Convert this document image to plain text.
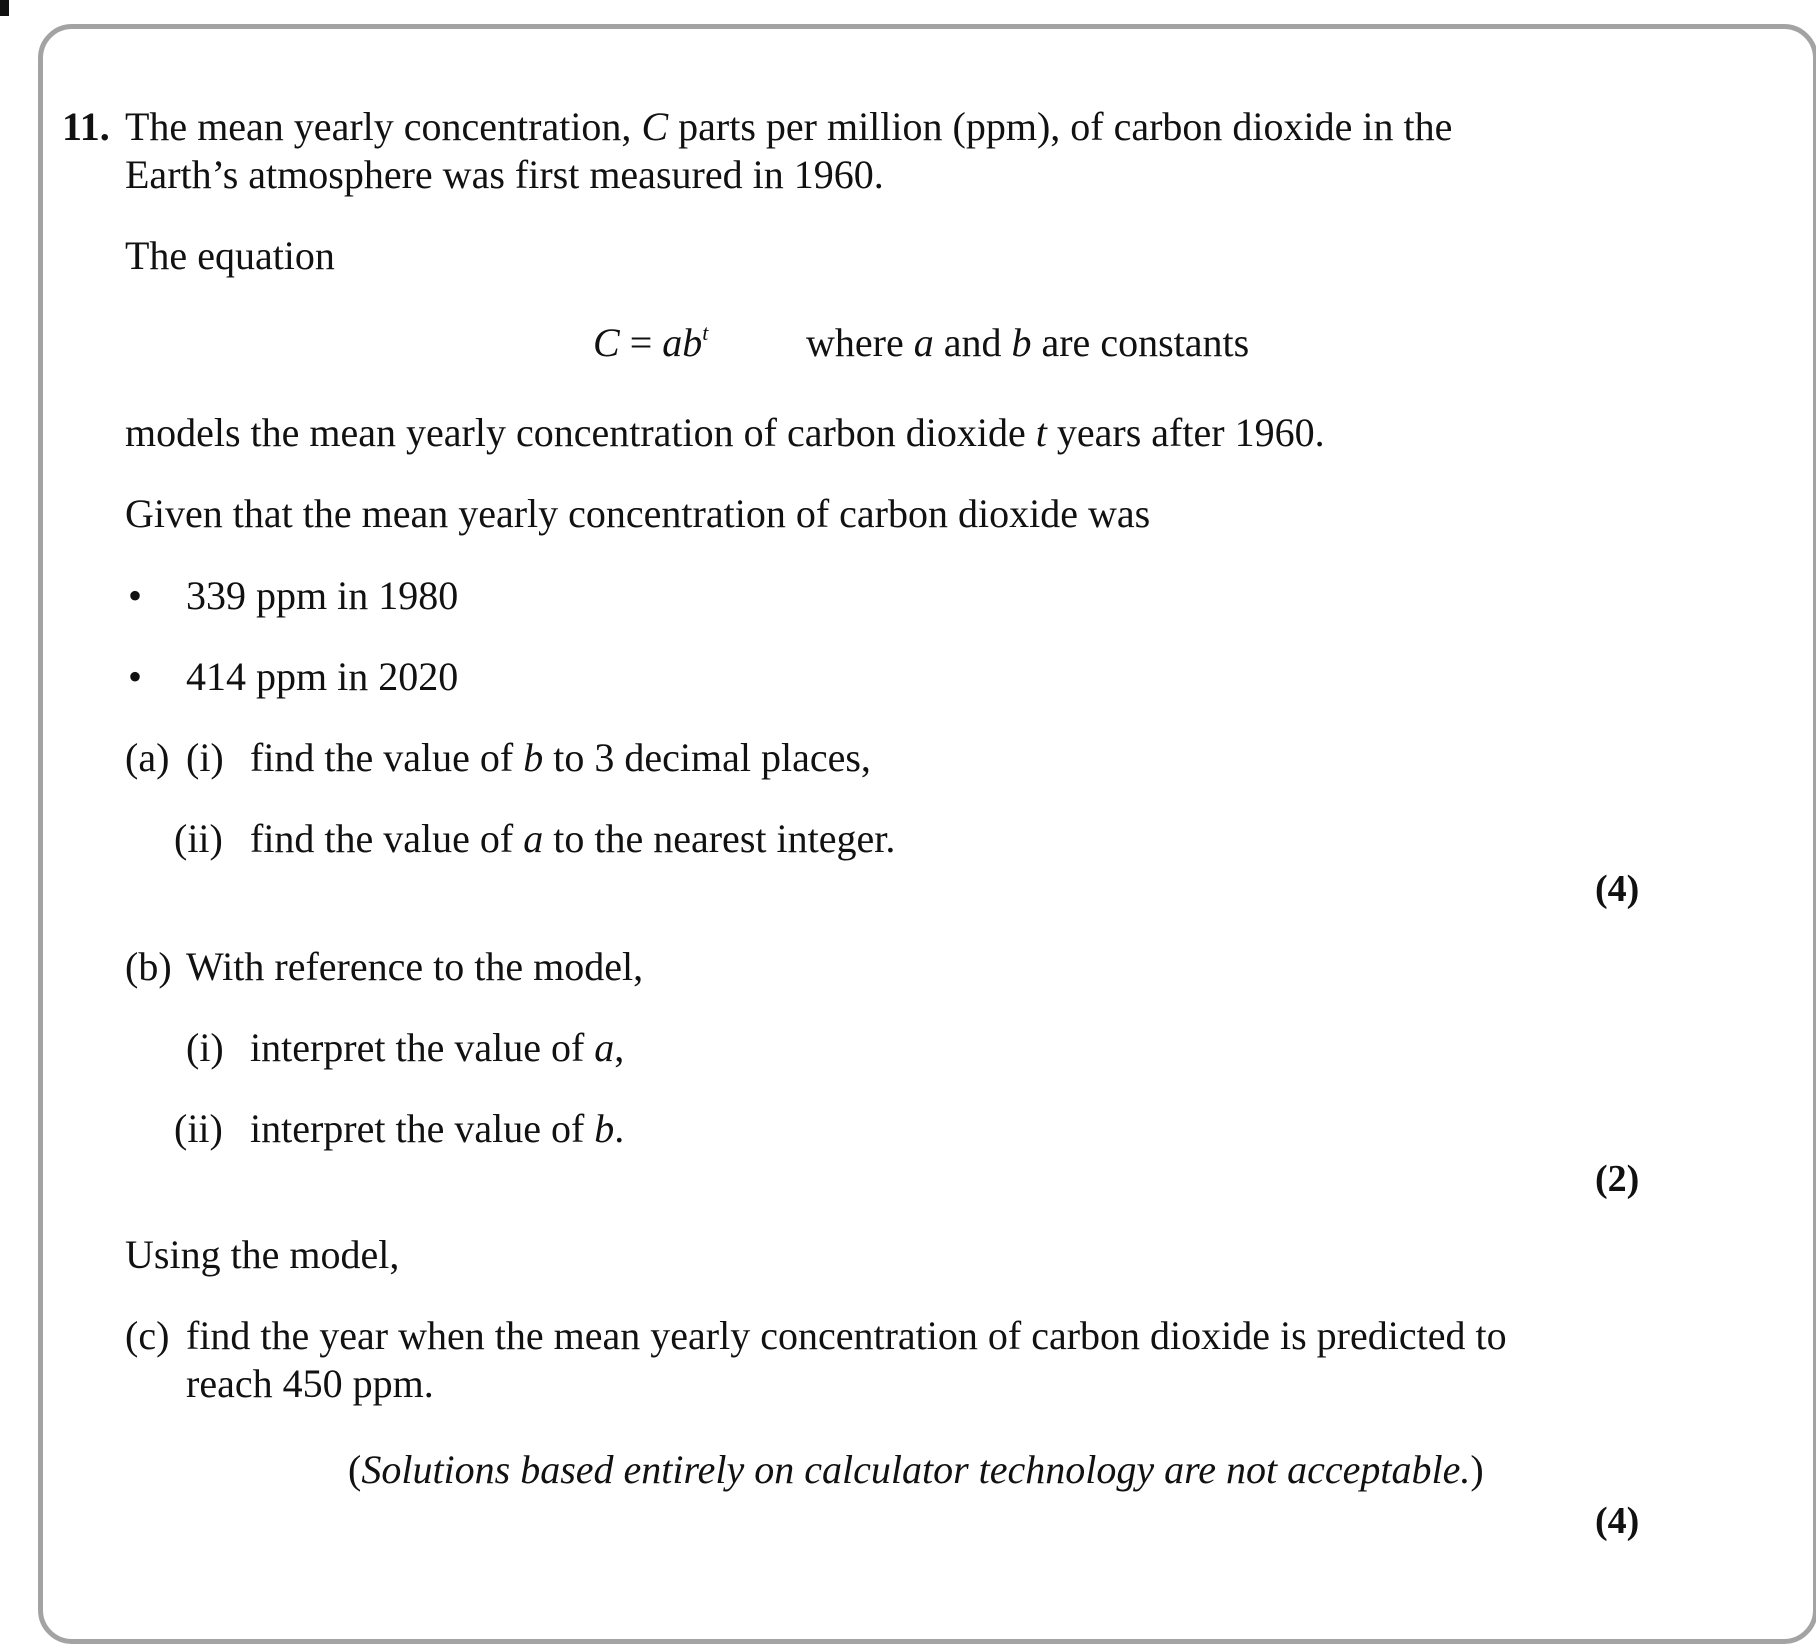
11. The mean yearly concentration, C parts per million (ppm), of carbon dioxide in the
Earth’s atmosphere was first measured in 1960.
The equation
$C = ab^t$ where a and b are constants
models the mean yearly concentration of carbon dioxide t years after 1960.
Given that the mean yearly concentration of carbon dioxide was
• 339 ppm in 1980
• 414 ppm in 2020
(a) (i) find the value of b to 3 decimal places,
(ii) find the value of a to the nearest integer.
(4)
(b) With reference to the model,
(i) interpret the value of a,
(ii) interpret the value of b.
(2)
Using the model,
(c) find the year when the mean yearly concentration of carbon dioxide is predicted to
reach 450 ppm.
(Solutions based entirely on calculator technology are not acceptable.)
(4)
